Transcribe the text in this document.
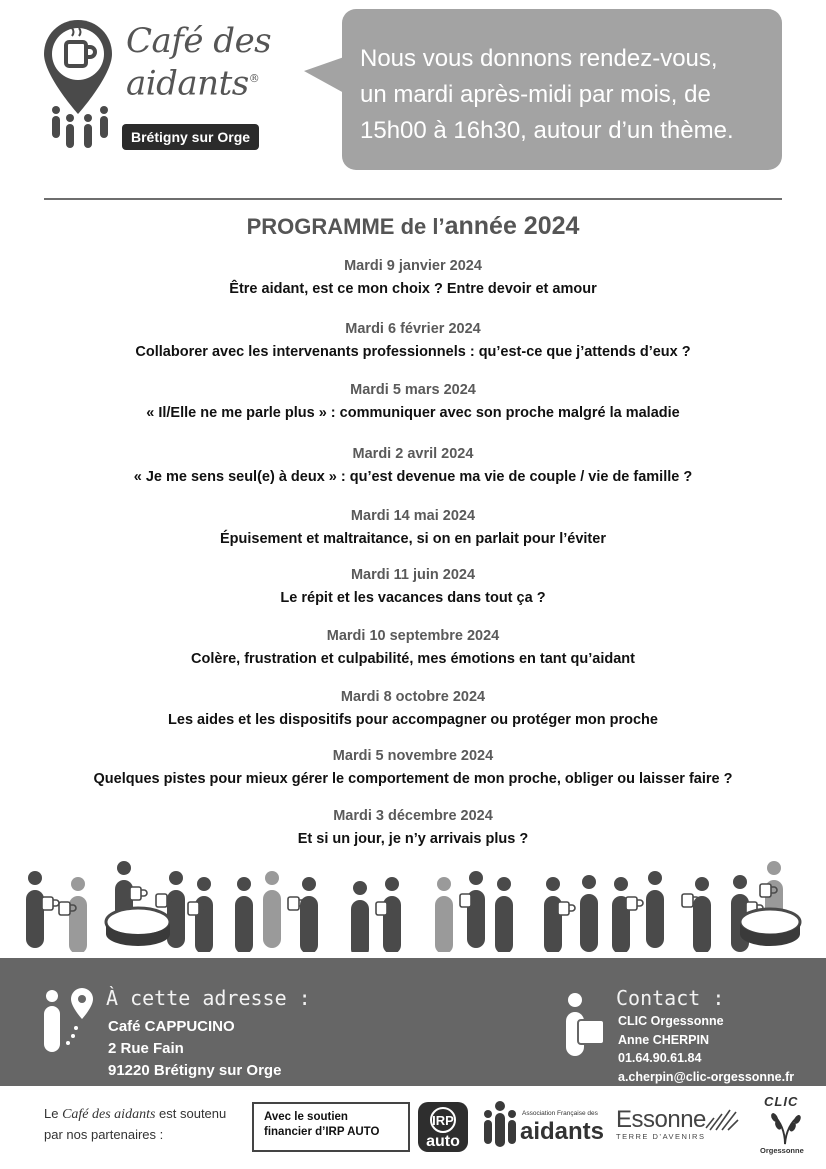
Café des
aidants®
Brétigny sur Orge
Nous vous donnons rendez-vous,
un mardi après-midi par mois, de
15h00 à 16h30, autour d’un thème.
PROGRAMME de l’année 2024
Mardi 9 janvier 2024
Être aidant, est ce mon choix ? Entre devoir et amour
Mardi 6 février 2024
Collaborer avec les intervenants professionnels : qu’est-ce que j’attends d’eux ?
Mardi 5 mars 2024
« Il/Elle ne me parle plus » : communiquer avec son proche malgré la maladie
Mardi 2 avril 2024
« Je me sens seul(e) à deux » : qu’est devenue ma vie de couple / vie de famille ?
Mardi 14 mai 2024
Épuisement et maltraitance, si on en parlait pour l’éviter
Mardi 11 juin 2024
Le répit et les vacances dans tout ça ?
Mardi 10 septembre 2024
Colère, frustration et culpabilité, mes émotions en tant qu’aidant
Mardi 8 octobre 2024
Les aides et les dispositifs pour accompagner ou protéger mon proche
Mardi 5 novembre 2024
Quelques pistes pour mieux gérer le comportement de mon proche, obliger ou laisser faire ?
Mardi 3 décembre 2024
Et si un jour, je n’y arrivais plus ?
À cette adresse :
Café CAPPUCINO
2 Rue Fain
91220 Brétigny sur Orge
Contact :
CLIC Orgessonne
Anne CHERPIN
01.64.90.61.84
a.cherpin@clic-orgessonne.fr
Le Café des aidants est soutenu
par nos partenaires :
Avec le soutien
financier d’IRP AUTO
IRP
auto
Association Française des
aidants Essonne
TERRE D’AVENIRS
CLIC
Orgessonne
